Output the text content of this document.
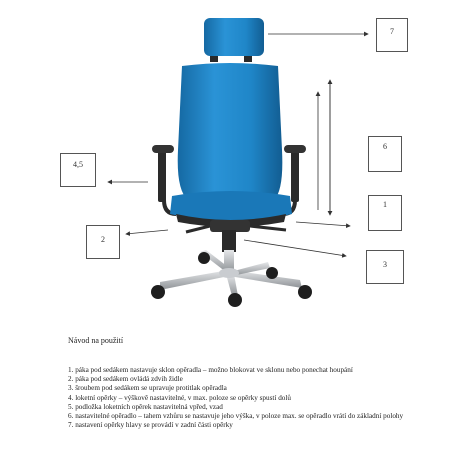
7
6
4,5
1
2
3
Návod na použití
1. páka pod sedákem nastavuje sklon opěradla – možno blokovat ve sklonu nebo ponechat houpání
2. páka pod sedákem ovládá zdvih židle
3. šroubem pod sedákem se upravuje protitlak opěradla
4. loketní opěrky – výškově nastavitelné, v max. poloze se opěrky spustí dolů
5. podložka loketních opěrek nastavitelná vpřed, vzad
6. nastavitelné opěradlo – tahem vzhůru se nastavuje jeho výška, v poloze max. se opěradlo vrátí do základní polohy
7. nastavení opěrky hlavy se provádí v zadní části opěrky
